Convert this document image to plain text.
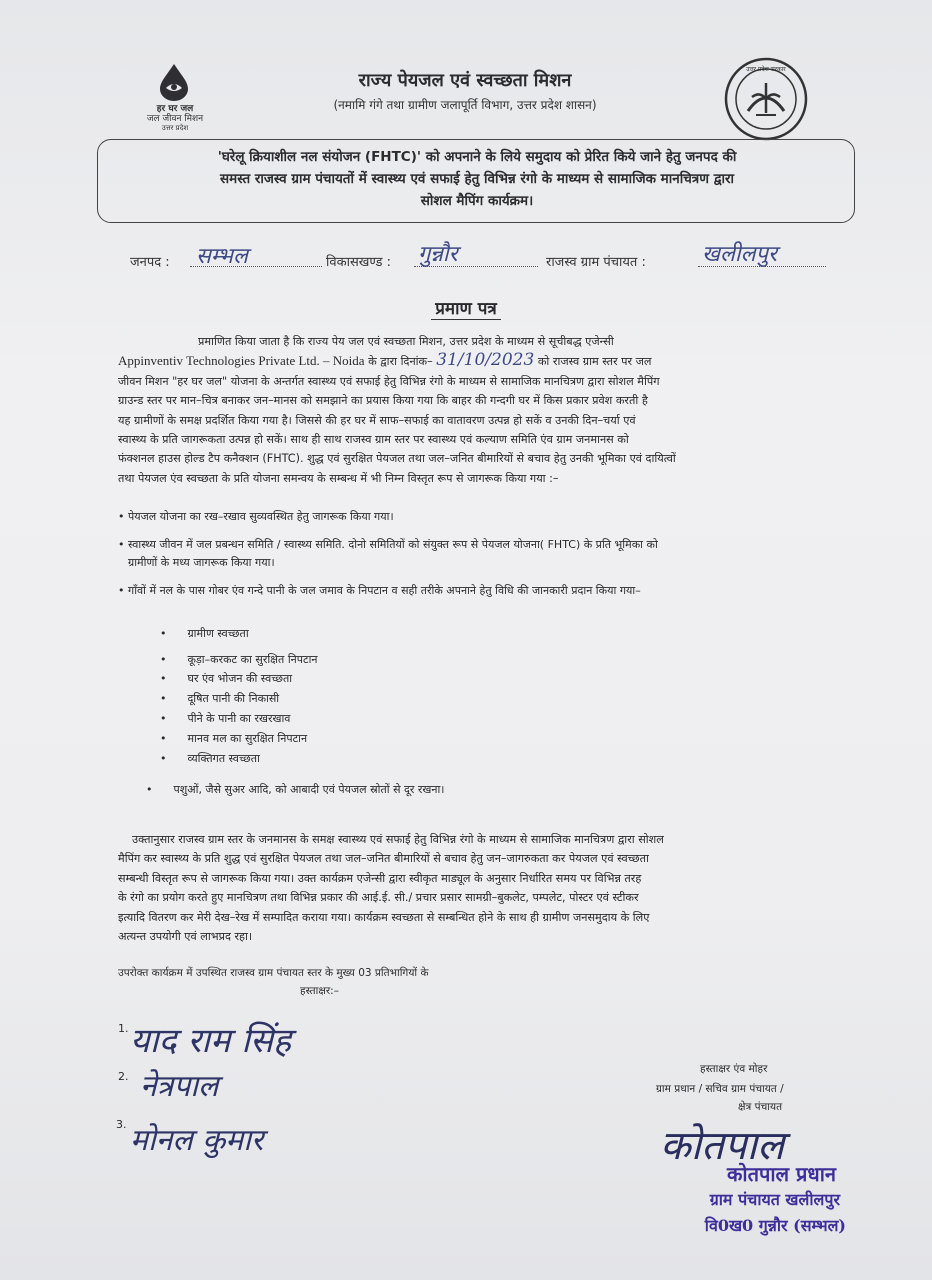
हर घर जल
जल जीवन मिशन
उत्तर प्रदेश
राज्य पेयजल एवं स्वच्छता मिशन
(नमामि गंगे तथा ग्रामीण जलापूर्ति विभाग, उत्तर प्रदेश शासन)
उत्तर प्रदेश सरकार
'घरेलू क्रियाशील नल संयोजन (FHTC)' को अपनाने के लिये समुदाय को प्रेरित किये जाने हेतु जनपद की
समस्त राजस्व ग्राम पंचायतों में स्वास्थ्य एवं सफाई हेतु विभिन्न रंगो के माध्यम से सामाजिक मानचित्रण द्वारा
सोशल मैपिंग कार्यक्रम।
जनपद : सम्भल	विकासखण्ड : गुन्नौर	राजस्व ग्राम पंचायत :	खलीलपुर
प्रमाण पत्र
प्रमाणित किया जाता है कि राज्य पेय जल एवं स्वच्छता मिशन, उत्तर प्रदेश के माध्यम से सूचीबद्ध एजेन्सी
Appinventiv Technologies Private Ltd. – Noida के द्वारा दिनांक– 31/10/2023 को राजस्व ग्राम स्तर पर जल
जीवन मिशन "हर घर जल" योजना के अन्तर्गत स्वास्थ्य एवं सफाई हेतु विभिन्न रंगो के माध्यम से सामाजिक मानचित्रण द्वारा सोशल मैपिंग
ग्राउन्ड स्तर पर मान–चित्र बनाकर जन–मानस को समझाने का प्रयास किया गया कि बाहर की गन्दगी घर में किस प्रकार प्रवेश करती है
यह ग्रामीणों के समक्ष प्रदर्शित किया गया है। जिससे की हर घर में साफ–सफाई का वातावरण उत्पन्न हो सकें व उनकी दिन–चर्या एवं
स्वास्थ्य के प्रति जागरूकता उत्पन्न हो सकें। साथ ही साथ राजस्व ग्राम स्तर पर स्वास्थ्य एवं कल्याण समिति एंव ग्राम जनमानस को
फंक्शनल हाउस होल्ड टैप कनैक्शन (FHTC). शुद्ध एवं सुरक्षित पेयजल तथा जल–जनित बीमारियों से बचाव हेतु उनकी भूमिका एवं दायित्वों
तथा पेयजल एंव स्वच्छता के प्रति योजना समन्वय के सम्बन्ध में भी निम्न विस्तृत रूप से जागरूक किया गया :–
• पेयजल योजना का रख–रखाव सुव्यवस्थित हेतु जागरूक किया गया।
• स्वास्थ्य जीवन में जल प्रबन्धन समिति / स्वास्थ्य समिति. दोनो समितियों को संयुक्त रूप से पेयजल योजना( FHTC) के प्रति भूमिका को
ग्रामीणों के मध्य जागरूक किया गया।
• गाँवों में नल के पास गोबर एंव गन्दे पानी के जल जमाव के निपटान व सही तरीके अपनाने हेतु विधि की जानकारी प्रदान किया गया–
•      ग्रामीण स्वच्छता
•      कूड़ा–करकट का सुरक्षित निपटान
•      घर एंव भोजन की स्वच्छता
•      दूषित पानी की निकासी
•      पीने के पानी का रखरखाव
•      मानव मल का सुरक्षित निपटान
•      व्यक्तिगत स्वच्छता
•      पशुओं, जैसे सुअर आदि, को आबादी एवं पेयजल स्रोतों से दूर रखना।
उक्तानुसार राजस्व ग्राम स्तर के जनमानस के समक्ष स्वास्थ्य एवं सफाई हेतु विभिन्न रंगो के माध्यम से सामाजिक मानचित्रण द्वारा सोशल
मैपिंग कर स्वास्थ्य के प्रति शुद्ध एवं सुरक्षित पेयजल तथा जल–जनित बीमारियों से बचाव हेतु जन–जागरुकता कर पेयजल एवं स्वच्छता
सम्बन्धी विस्तृत रूप से जागरूक किया गया। उक्त कार्यक्रम एजेन्सी द्वारा स्वीकृत माड्यूल के अनुसार निर्धारित समय पर विभिन्न तरह
के रंगो का प्रयोग करते हुए मानचित्रण तथा विभिन्न प्रकार की आई.ई. सी./ प्रचार प्रसार सामग्री–बुकलेट, पम्पलेट, पोस्टर एवं स्टीकर
इत्यादि वितरण कर मेरी देख–रेख में सम्पादित कराया गया। कार्यक्रम स्वच्छता से सम्बन्धित होने के साथ ही ग्रामीण जनसमुदाय के लिए
अत्यन्त उपयोगी एवं लाभप्रद रहा।
उपरोक्त कार्यक्रम में उपस्थित राजस्व ग्राम पंचायत स्तर के मुख्य 03 प्रतिभागियों के
हस्ताक्षर:–
1. याद राम सिंह
2. नेत्रपाल
3. मोनल कुमार
हस्ताक्षर एंव मोहर
ग्राम प्रधान / सचिव ग्राम पंचायत /
क्षेत्र पंचायत
कोतपाल
कोतपाल प्रधान
ग्राम पंचायत खलीलपुर
वि0ख0 गुन्नौर (सम्भल)
